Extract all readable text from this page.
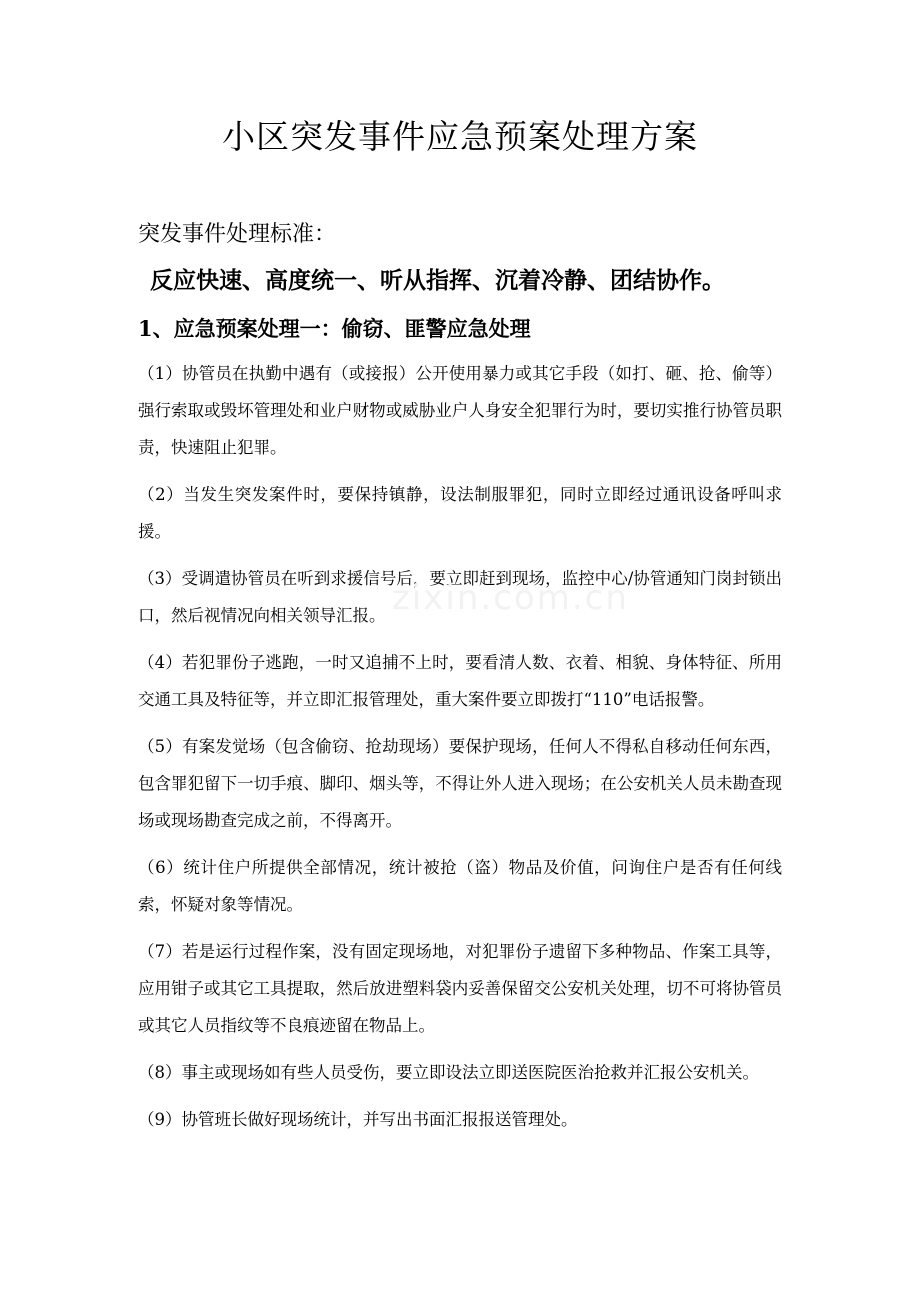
小区突发事件应急预案处理方案

突发事件处理标准：

反应快速、高度统一、听从指挥、沉着冷静、团结协作。

1、应急预案处理一：偷窃、匪警应急处理

（1）协管员在执勤中遇有（或接报）公开使用暴力或其它手段（如打、砸、抢、偷等）强行索取或毁坏管理处和业户财物或威胁业户人身安全犯罪行为时，要切实推行协管员职责，快速阻止犯罪。

（2）当发生突发案件时，要保持镇静，设法制服罪犯，同时立即经过通讯设备呼叫求援。

（3）受调遣协管员在听到求援信号后，要立即赶到现场，监控中心/协管通知门岗封锁出口，然后视情况向相关领导汇报。

（4）若犯罪份子逃跑，一时又追捕不上时，要看清人数、衣着、相貌、身体特征、所用交通工具及特征等，并立即汇报管理处，重大案件要立即拨打“110”电话报警。

（5）有案发觉场（包含偷窃、抢劫现场）要保护现场，任何人不得私自移动任何东西，包含罪犯留下一切手痕、脚印、烟头等，不得让外人进入现场；在公安机关人员未勘查现场或现场勘查完成之前，不得离开。

（6）统计住户所提供全部情况，统计被抢（盗）物品及价值，问询住户是否有任何线索，怀疑对象等情况。

（7）若是运行过程作案，没有固定现场地，对犯罪份子遗留下多种物品、作案工具等，应用钳子或其它工具提取，然后放进塑料袋内妥善保留交公安机关处理，切不可将协管员或其它人员指纹等不良痕迹留在物品上。

（8）事主或现场如有些人员受伤，要立即设法立即送医院医治抢救并汇报公安机关。

（9）协管班长做好现场统计，并写出书面汇报报送管理处。

zixin.com.cn
